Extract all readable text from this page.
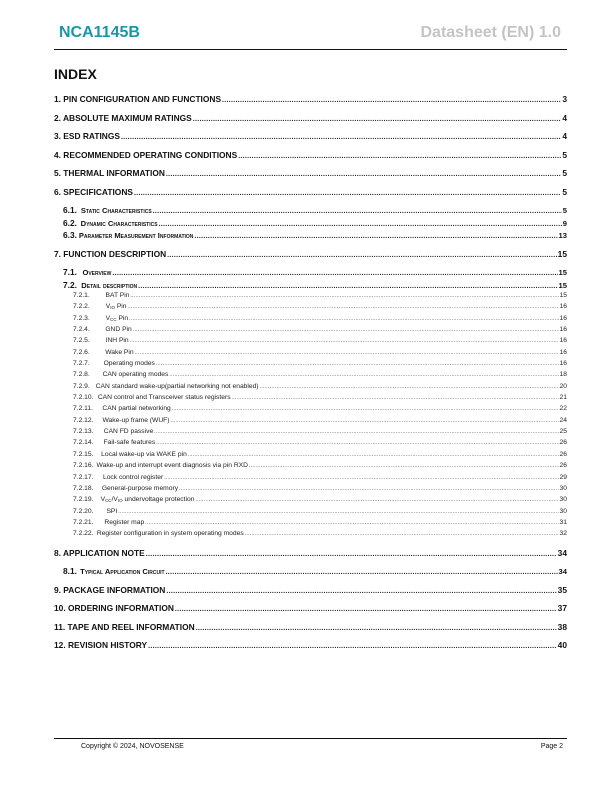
NCA1145B	Datasheet (EN) 1.0
INDEX
1. PIN CONFIGURATION AND FUNCTIONS .....	3
2. ABSOLUTE MAXIMUM RATINGS .....	4
3. ESD RATINGS .....	4
4. RECOMMENDED OPERATING CONDITIONS .....	5
5. THERMAL INFORMATION .....	5
6. SPECIFICATIONS .....	5
6.1. Static Characteristics .....	5
6.2. Dynamic Characteristics .....	9
6.3. Parameter Measurement Information .....	13
7. FUNCTION DESCRIPTION .....	15
7.1. Overview .....	15
7.2. Detail description .....	15
7.2.1.	BAT Pin .....	15
7.2.2.	$V_{IO}$ Pin .....	16
7.2.3.	$V_{CC}$ Pin .....	16
7.2.4.	GND Pin .....	16
7.2.5.	INH Pin .....	16
7.2.6.	Wake Pin .....	16
7.2.7.	Operating modes .....	16
7.2.8.	CAN operating modes .....	18
7.2.9. CAN standard wake-up(partial networking not enabled) .....	20
7.2.10. CAN control and Transceiver status registers .....	21
7.2.11.	CAN partial networking .....	22
7.2.12.	Wake-up frame (WUF) .....	24
7.2.13.	CAN FD passive .....	25
7.2.14.	Fail-safe features .....	26
7.2.15.	Local wake-up via WAKE pin .....	26
7.2.16. Wake-up and interrupt event diagnosis via pin RXD .....	26
7.2.17.	Lock control register .....	29
7.2.18.	General-purpose memory .....	30
7.2.19.	$V_{CC}/V_{IO}$ undervoltage protection .....	30
7.2.20.	SPI .....	30
7.2.21.	Register map .....	31
7.2.22. Register configuration in system operating modes .....	32
8. APPLICATION NOTE .....	34
8.1. Typical Application Circuit .....	34
9. PACKAGE INFORMATION .....	35
10. ORDERING INFORMATION .....	37
11. TAPE AND REEL INFORMATION .....	38
12. REVISION HISTORY .....	40
Copyright © 2024, NOVOSENSE	Page 2
